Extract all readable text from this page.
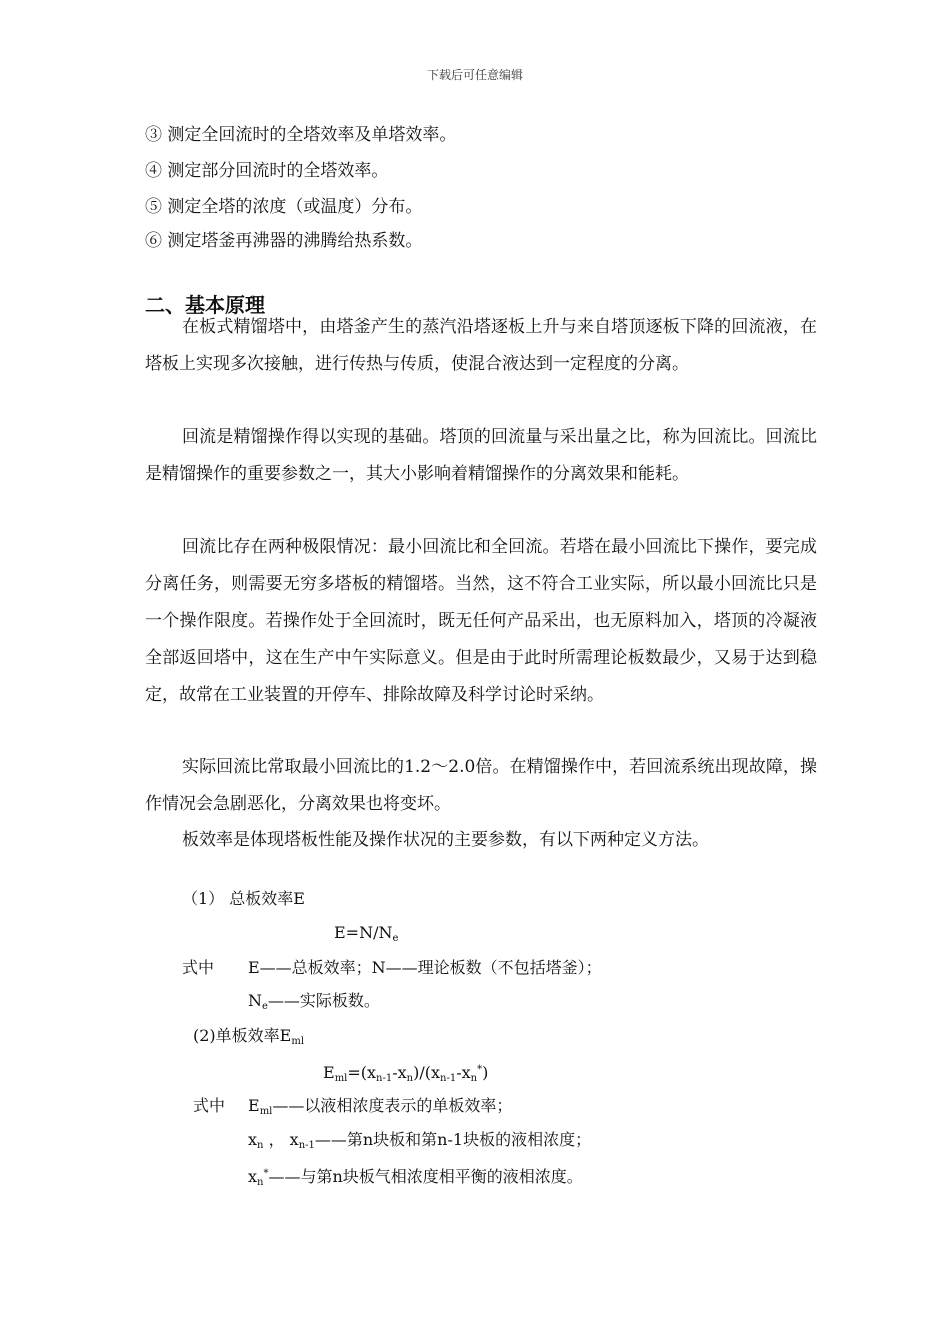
下载后可任意编辑
③ 测定全回流时的全塔效率及单塔效率。
④ 测定部分回流时的全塔效率。
⑤ 测定全塔的浓度（或温度）分布。
⑥ 测定塔釜再沸器的沸腾给热系数。
二、基本原理

在板式精馏塔中，由塔釜产生的蒸汽沿塔逐板上升与来自塔顶逐板下降的回流液，在塔板上实现多次接触，进行传热与传质，使混合液达到一定程度的分离。

回流是精馏操作得以实现的基础。塔顶的回流量与采出量之比，称为回流比。回流比是精馏操作的重要参数之一，其大小影响着精馏操作的分离效果和能耗。

回流比存在两种极限情况：最小回流比和全回流。若塔在最小回流比下操作，要完成分离任务，则需要无穷多塔板的精馏塔。当然，这不符合工业实际，所以最小回流比只是一个操作限度。若操作处于全回流时，既无任何产品采出，也无原料加入，塔顶的冷凝液全部返回塔中，这在生产中午实际意义。但是由于此时所需理论板数最少，又易于达到稳定，故常在工业装置的开停车、排除故障及科学讨论时采纳。

实际回流比常取最小回流比的1.2～2.0倍。在精馏操作中，若回流系统出现故障，操作情况会急剧恶化，分离效果也将变坏。

板效率是体现塔板性能及操作状况的主要参数，有以下两种定义方法。

（1） 总板效率E
$E=N/N_e$
式中 E——总板效率；N——理论板数（不包括塔釜）；
$N_e——$实际板数。
(2)单板效率$E_{ml}$
$E_{ml}=(x_{n-1}-x_n)/(x_{n-1}-x_n^*)$
式中 $E_{ml}——$以液相浓度表示的单板效率；
$x_n$ ， $x_{n-1}——$第n块板和第n-1块板的液相浓度；
$x_n^*——$与第n块板气相浓度相平衡的液相浓度。
